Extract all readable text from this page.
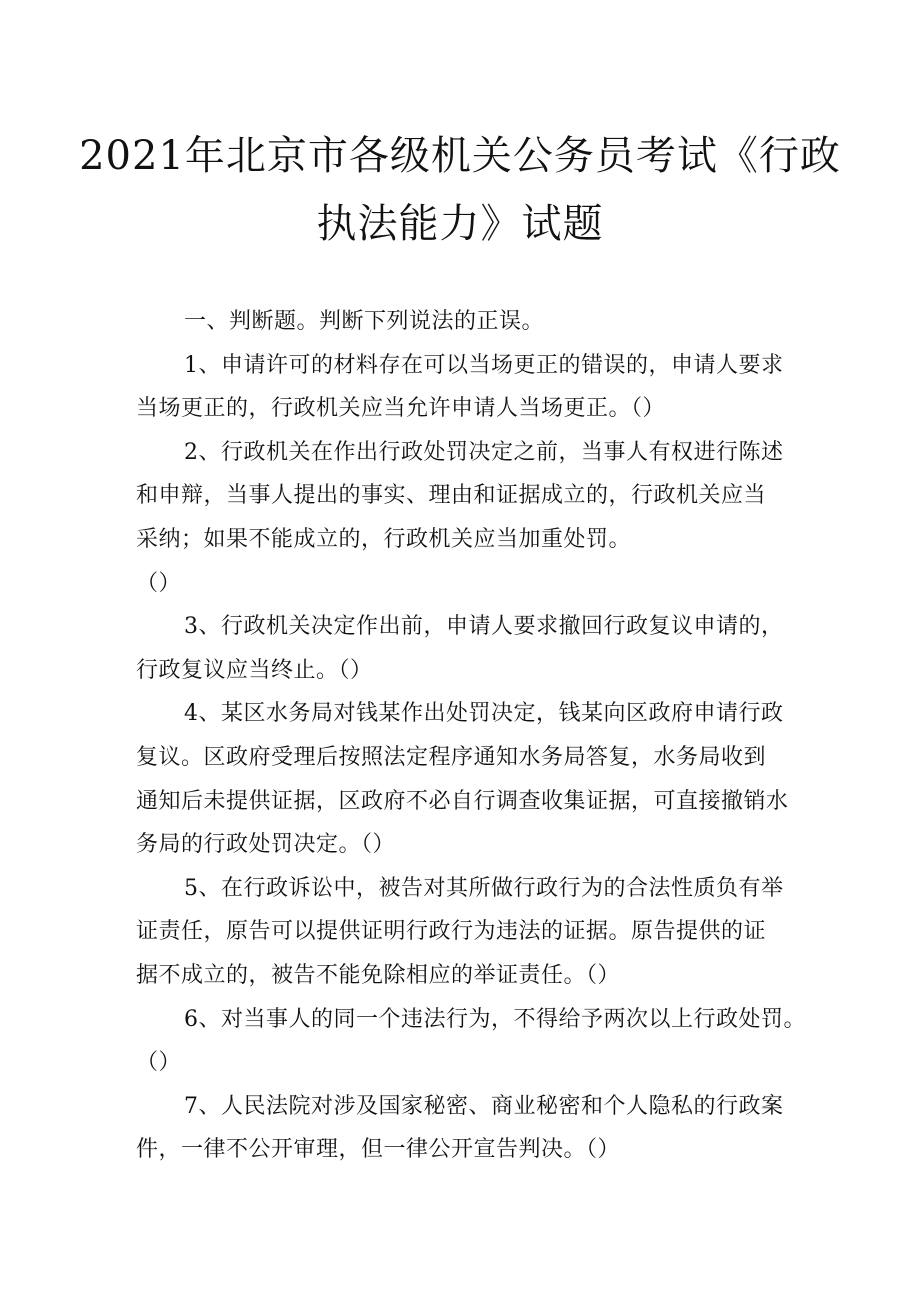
2021年北京市各级机关公务员考试《行政
执法能力》试题

一、判断题。判断下列说法的正误。

1、申请许可的材料存在可以当场更正的错误的，申请人要求
当场更正的，行政机关应当允许申请人当场更正。（）

2、行政机关在作出行政处罚决定之前，当事人有权进行陈述
和申辩，当事人提出的事实、理由和证据成立的，行政机关应当
采纳；如果不能成立的，行政机关应当加重处罚。
（）

3、行政机关决定作出前，申请人要求撤回行政复议申请的，
行政复议应当终止。（）

4、某区水务局对钱某作出处罚决定，钱某向区政府申请行政
复议。区政府受理后按照法定程序通知水务局答复，水务局收到
通知后未提供证据，区政府不必自行调查收集证据，可直接撤销水
务局的行政处罚决定。（）

5、在行政诉讼中，被告对其所做行政行为的合法性质负有举
证责任，原告可以提供证明行政行为违法的证据。原告提供的证
据不成立的，被告不能免除相应的举证责任。（）

6、对当事人的同一个违法行为，不得给予两次以上行政处罚。
（）

7、人民法院对涉及国家秘密、商业秘密和个人隐私的行政案
件，一律不公开审理，但一律公开宣告判决。（）
